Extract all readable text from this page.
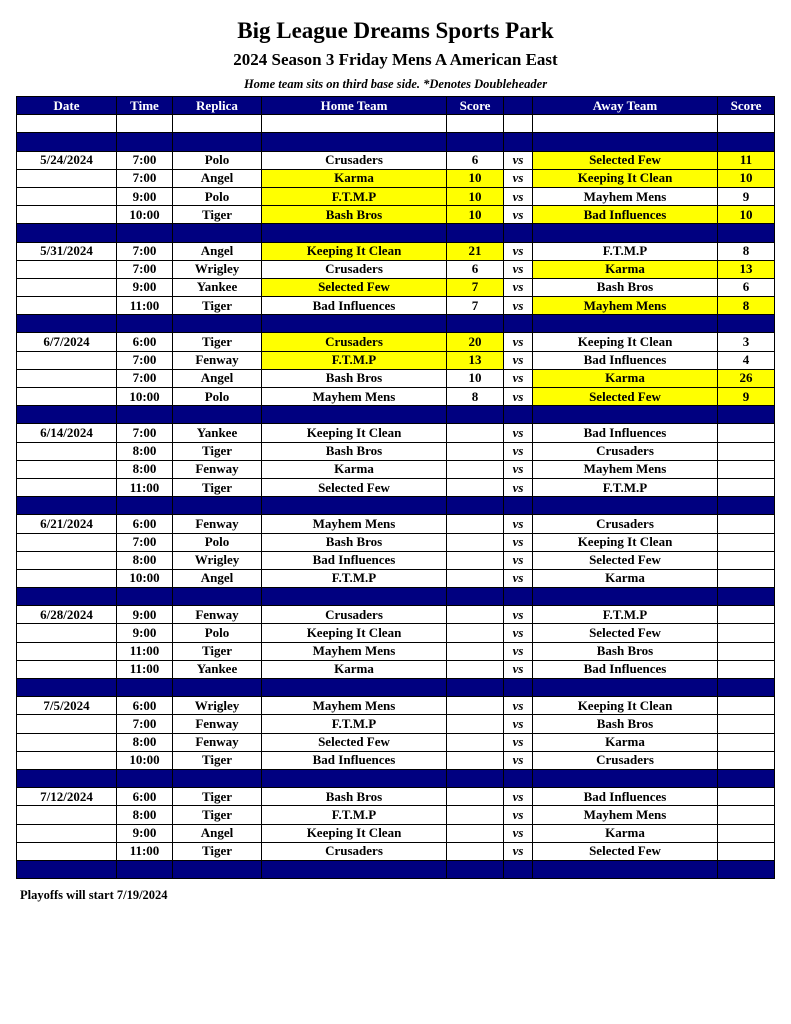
Big League Dreams Sports Park
2024 Season 3 Friday Mens A American East
Home team sits on third base side. *Denotes Doubleheader
Date	Time	Replica	Home Team	Score		Away Team	Score

5/24/2024	7:00	Polo	Crusaders	6	vs	Selected Few	11
	7:00	Angel	Karma	10	vs	Keeping It Clean	10
	9:00	Polo	F.T.M.P	10	vs	Mayhem Mens	9
	10:00	Tiger	Bash Bros	10	vs	Bad Influences	10

5/31/2024	7:00	Angel	Keeping It Clean	21	vs	F.T.M.P	8
	7:00	Wrigley	Crusaders	6	vs	Karma	13
	9:00	Yankee	Selected Few	7	vs	Bash Bros	6
	11:00	Tiger	Bad Influences	7	vs	Mayhem Mens	8

6/7/2024	6:00	Tiger	Crusaders	20	vs	Keeping It Clean	3
	7:00	Fenway	F.T.M.P	13	vs	Bad Influences	4
	7:00	Angel	Bash Bros	10	vs	Karma	26
	10:00	Polo	Mayhem Mens	8	vs	Selected Few	9

6/14/2024	7:00	Yankee	Keeping It Clean		vs	Bad Influences	
	8:00	Tiger	Bash Bros		vs	Crusaders	
	8:00	Fenway	Karma		vs	Mayhem Mens	
	11:00	Tiger	Selected Few		vs	F.T.M.P	

6/21/2024	6:00	Fenway	Mayhem Mens		vs	Crusaders	
	7:00	Polo	Bash Bros		vs	Keeping It Clean	
	8:00	Wrigley	Bad Influences		vs	Selected Few	
	10:00	Angel	F.T.M.P		vs	Karma	

6/28/2024	9:00	Fenway	Crusaders		vs	F.T.M.P	
	9:00	Polo	Keeping It Clean		vs	Selected Few	
	11:00	Tiger	Mayhem Mens		vs	Bash Bros	
	11:00	Yankee	Karma		vs	Bad Influences	

7/5/2024	6:00	Wrigley	Mayhem Mens		vs	Keeping It Clean	
	7:00	Fenway	F.T.M.P		vs	Bash Bros	
	8:00	Fenway	Selected Few		vs	Karma	
	10:00	Tiger	Bad Influences		vs	Crusaders	

7/12/2024	6:00	Tiger	Bash Bros		vs	Bad Influences	
	8:00	Tiger	F.T.M.P		vs	Mayhem Mens	
	9:00	Angel	Keeping It Clean		vs	Karma	
	11:00	Tiger	Crusaders		vs	Selected Few	

Playoffs will start 7/19/2024
